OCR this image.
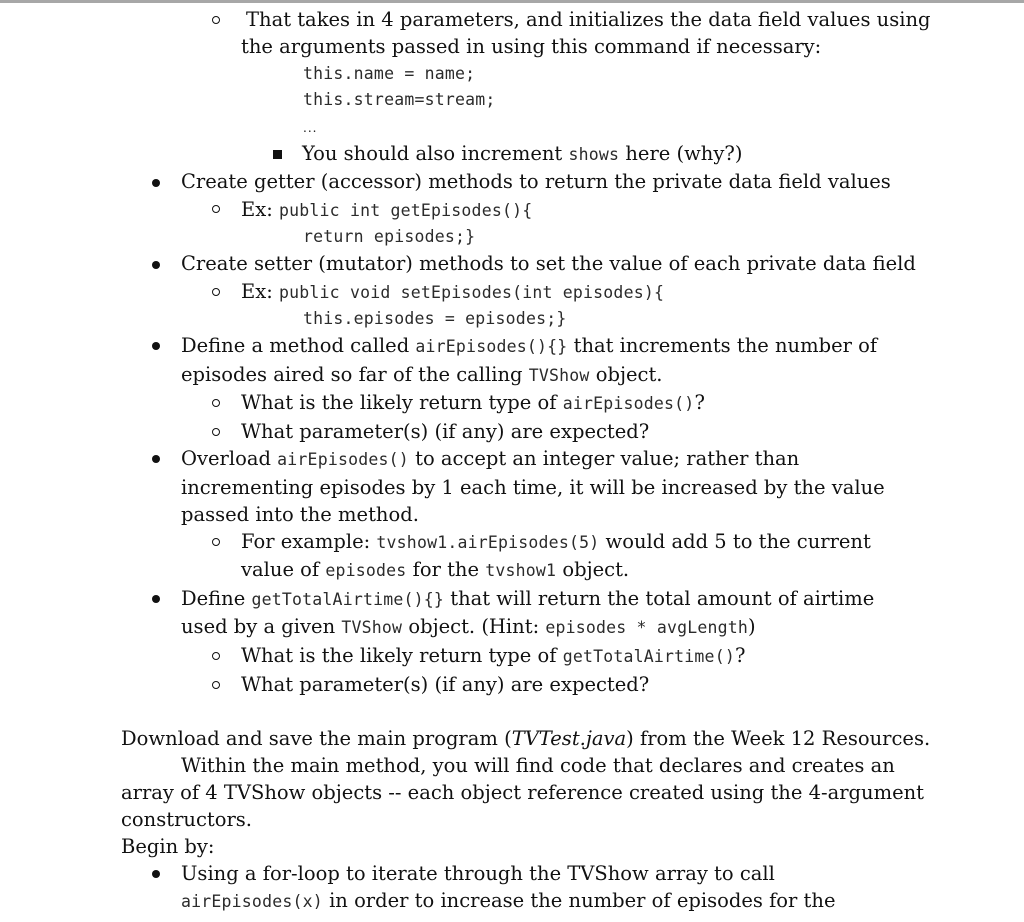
That takes in 4 parameters, and initializes the data field values using
the arguments passed in using this command if necessary:
this.name = name;
this.stream=stream;
...
You should also increment shows here (why?)
Create getter (accessor) methods to return the private data field values
Ex: public int getEpisodes(){
return episodes;}
Create setter (mutator) methods to set the value of each private data field
Ex: public void setEpisodes(int episodes){
this.episodes = episodes;}
Define a method called airEpisodes(){} that increments the number of
episodes aired so far of the calling TVShow object.
What is the likely return type of airEpisodes()?
What parameter(s) (if any) are expected?
Overload airEpisodes() to accept an integer value; rather than
incrementing episodes by 1 each time, it will be increased by the value
passed into the method.
For example: tvshow1.airEpisodes(5) would add 5 to the current
value of episodes for the tvshow1 object.
Define getTotalAirtime(){} that will return the total amount of airtime
used by a given TVShow object. (Hint: episodes * avgLength)
What is the likely return type of getTotalAirtime()?
What parameter(s) (if any) are expected?
Download and save the main program (TVTest.java) from the Week 12 Resources.
Within the main method, you will find code that declares and creates an
array of 4 TVShow objects -- each object reference created using the 4-argument
constructors.
Begin by:
Using a for-loop to iterate through the TVShow array to call
airEpisodes(x) in order to increase the number of episodes for the
